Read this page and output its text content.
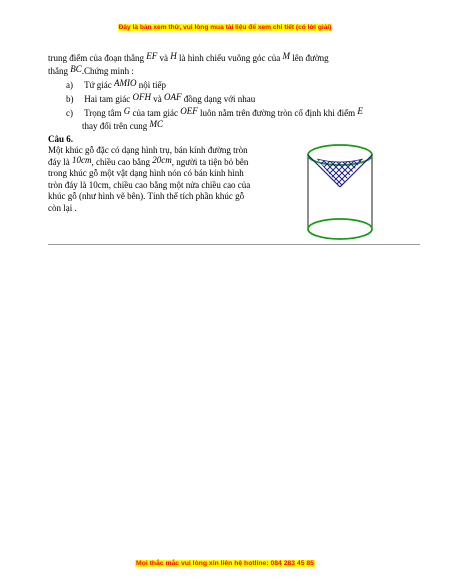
Đây là bản xem thử, vui lòng mua tài liệu để xem chi tiết (có lời giải)
trung điểm của đoạn thẳng EF và H là hình chiếu vuông góc của M lên đường
thẳng BC.Chứng minh :
a) Tứ giác AMIO nội tiếp
b) Hai tam giác OFH và OAF đồng dạng với nhau
c) Trọng tâm G của tam giác OEF luôn nằm trên đường tròn cố định khi điểm E
thay đổi trên cung MC
Câu 6.
Một khúc gỗ đặc có dạng hình trụ, bán kính đường tròn
đáy là 10cm, chiều cao bằng 20cm, người ta tiện bỏ bên
trong khúc gỗ một vật dạng hình nón có bán kính hình
tròn đáy là 10cm, chiều cao bằng một nửa chiều cao của
khúc gỗ (như hình vẽ bên). Tính thể tích phần khúc gỗ
còn lại .
Mọi thắc mắc vui lòng xin liên hệ hotline: 084 283 45 85
